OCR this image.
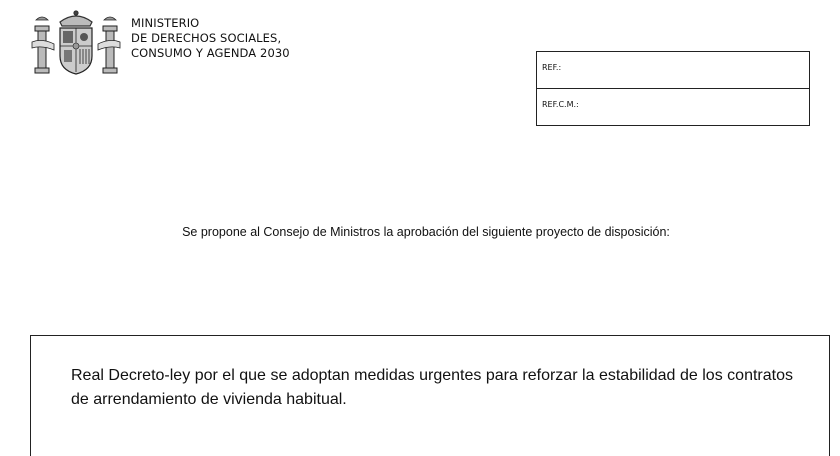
MINISTERIO
DE DERECHOS SOCIALES,
CONSUMO Y AGENDA 2030
REF.:
REF.C.M.:
Se propone al Consejo de Ministros la aprobación del siguiente proyecto de disposición:
Real Decreto-ley por el que se adoptan medidas urgentes para reforzar la estabilidad de los contratos de arrendamiento de vivienda habitual.
